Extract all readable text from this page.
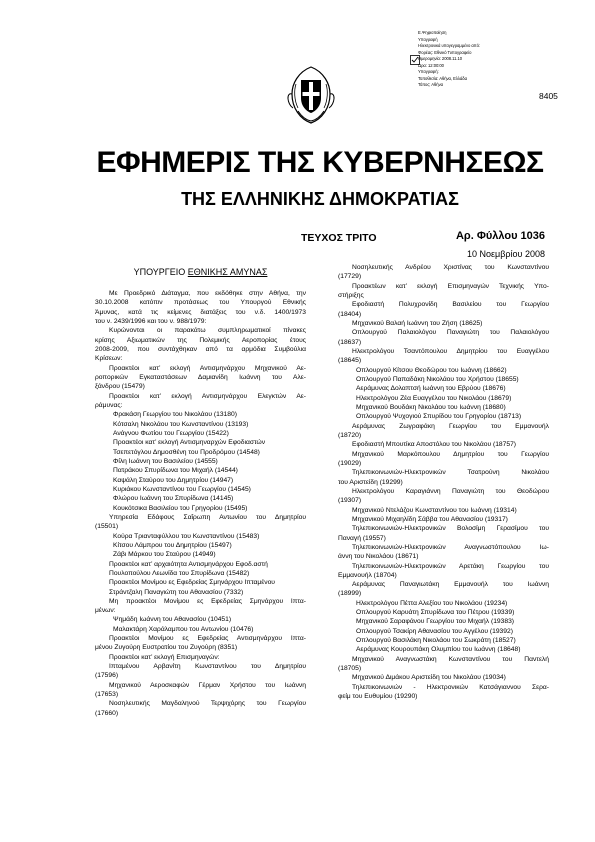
Ε.Ψηφιοποίηση
Υπογραφή
Ηλεκτρονικά υπογεγραμμένο από:
Φορέας: Εθνικό Τυπογραφείο
Ημερομηνία: 2008.11.10
Ώρα: 12:00:00
Υπογραφή:
Τοποθεσία: Αθήνα, Ελλάδα
Τόπος: Αθήνα
8405
ΕΦΗΜΕΡΙΣ ΤΗΣ ΚΥΒΕΡΝΗΣΕΩΣ
ΤΗΣ ΕΛΛΗΝΙΚΗΣ ΔΗΜΟΚΡΑΤΙΑΣ
ΤΕΥΧΟΣ ΤΡΙΤΟ	Αρ. Φύλλου 1036
10 Νοεμβρίου 2008
ΥΠΟΥΡΓΕΙΟ ΕΘΝΙΚΗΣ ΑΜΥΝΑΣ

Με Προεδρικό Διάταγμα, που εκδόθηκε στην Αθήνα, την

30.10.2008 κατόπιν προτάσεως του Υπουργού Εθνικής

Άμυνας, κατά τις κείμενες διατάξεις του ν.δ. 1400/1973

του ν. 2439/1996 και του ν. 988/1979:

Κυρώνονται οι παρακάτω συμπληρωματικοί πίνακες

κρίσης Αξιωματικών της Πολεμικής Αεροπορίας έτους

2008-2009, που συντάχθηκαν από τα αρμόδια Συμβούλια

Κρίσεων:

Προακτέοι κατ’ εκλογή Αντισμηνάρχου Μηχανικού Αε-

ροπορικών Εγκαταστάσεων Δαμιανίδη Ιωάννη του Αλε-

ξάνδρου (15479)

Προακτέοι κατ’ εκλογή Αντισμηνάρχου Ελεγκτών Αε-

ράμυνας:

Φρακάση Γεωργίου του Νικολάου (13180)

Κότσαλη Νικολάου του Κωνσταντίνου (13193)

Ανάγνου Φωτίου του Γεωργίου (15422)

Προακτέοι κατ’ εκλογή Αντισμηναρχών Εφοδιαστών

Τσεπετόγλου Δημοσθένη του Προδρόμου (14548)

Φίλη Ιωάννη του Βασιλείου (14555)

Πατράκου Σπυρίδωνα του Μιχαήλ (14544)

Καψάλη Σταύρου του Δημητρίου (14947)

Κυριάκου Κωνσταντίνου του Γεωργίου (14545)

Φλώρου Ιωάννη του Σπυρίδωνα (14145)

Κουκότσικα Βασιλείου του Γρηγορίου (15495)

Υπηρεσία Εδάφους Σαΐρωπη Αντωνίου του Δημητρίου

(15501)

Κούρα Τριανταφύλλου του Κωνσταντίνου (15483)

Κίτσου Λάμπρου του Δημητρίου (15497)

Ζάβι Μάρκου του Σταύρου (14949)

Προακτέοι κατ’ αρχαιότητα Αντισμηνάρχου Εφοδ.αστή

Πουλοπούλου Λεωνίδα του Σπυρίδωνα (15482)

Προακτέοι Μονίμου ες Εφεδρείας Σμηνάρχου Ιπταμένου

Στράντζαλη Παναγιώτη του Αθανασίου (7332)

Μη προακτέοι Μονίμου ες Εφεδρείας Σμηνάρχου Ιπτα-

μένων:

Ψημάδη Ιωάννη του Αθανασίου (10451)

Μαλακτάρη Χαράλαμπου του Αντωνίου (10476)

Προακτέοι Μονίμου ες Εφεδρείας Αντισμηνάρχου Ιπτα-

μένου Ζυγούρη Ευστρατίου του Ζυγούρη (8351)

Προακτέοι κατ’ εκλογή Επισμηναγών:

Ιπταμένου Αρβανίτη Κωνσταντίνου του Δημητρίου

(17596)

Μηχανικού Αεροσκαφών Γέρμαν Χρήστου του Ιωάννη

(17653)

Νοσηλευτικής Μαγδαληνού Τερψιχόρης του Γεωργίου

(17660)

Νοσηλευτικής Ανδρέου Χριστίνας του Κωνσταντίνου

(17729)

Προακτέων κατ’ εκλογή Επισμηναγών Τεχνικής Υπο-

στήριξης

Εφοδιαστή Πολυχρονίδη Βασιλείου του Γεωργίου

(18404)

Μηχανικού Βαλαή Ιωάννη του Ζήση (18625)

Οπλουργού Παλαιολόγου Παναγιώτη του Παλαιολόγου

(18637)

Ηλεκτρολόγου Τσαντόπουλου Δημητρίου του Ευαγγέλου

(18645)

Οπλουργού Κίτσου Θεοδώρου του Ιωάννη (18662)

Οπλουργού Παπαδάκη Νικολάου του Χρήστου (18655)

Αεράμυνας Δολαπτσή Ιωάννη του Εβρύου (18676)

Ηλεκτρολόγου Ζέα Ευαγγέλου του Νικολάου (18679)

Μηχανικού Βουδάκη Νικολάου του Ιωάννη (18680)

Οπλουργού Ψυχογιού Σπυρίδου του Γρηγορίου (18713)

Αεράμυνας Ζωγραφάκη Γεωργίου του Εμμανουήλ

(18720)

Εφοδιαστή Μπουτίκα Αποστόλου του Νικολάου (18757)

Μηχανικού Μαρκόπουλου Δημητρίου του Γεωργίου

(19029)

Τηλεπικοινωνιών-Ηλεκτρονικών Τσατρούνη Νικολάου

του Αριστείδη (19299)

Ηλεκτρολόγου Καραγιάννη Παναγιώτη του Θεοδώρου

(19307)

Μηχανικού Ντελάζου Κωνσταντίνου του Ιωάννη (19314)

Μηχανικού Μιχαηλίδη Σάββα του Αθανασίου (19317)

Τηλεπικοινωνιών-Ηλεκτρονικών Βολοσίμη Γερασίμου του

Παναγή (19557)

Τηλεπικοινωνιών-Ηλεκτρονικών Αναγνωστόπουλου Ιω-

άννη του Νικολάου (18671)

Τηλεπικοινωνιών-Ηλεκτρονικών Αρετάκη Γεωργίου του

Εμμανουήλ (18704)

Αεράμυνας Παναγιωτάκη Εμμανουήλ του Ιωάννη

(18999)

Ηλεκτρολόγου Πέττα Αλεξίου του Νικολάου (19234)

Οπλουργού Καρυάτη Σπυρίδωνα του Πέτρου (19339)

Μηχανικού Σαραφάνου Γεωργίου του Μιχαήλ (19383)

Οπλουργού Τσακίρη Αθανασίου του Αγγέλου (19392)

Οπλουργού Βασιλάκη Νικολάου του Σωκράτη (18527)

Αεράμυνας Κουρουπάκη Ολυμπίου του Ιωάννη (18648)

Μηχανικού Αναγνωστάκη Κωνσταντίνου του Παντελή

(18705)

Μηχανικού Διμάκου Αριστείδη του Νικολάου (19034)

Τηλεπικοινωνιών - Ηλεκτρονικών Κατσάγιαννου Σερα-

φείμ του Ευθυμίου (19290)
